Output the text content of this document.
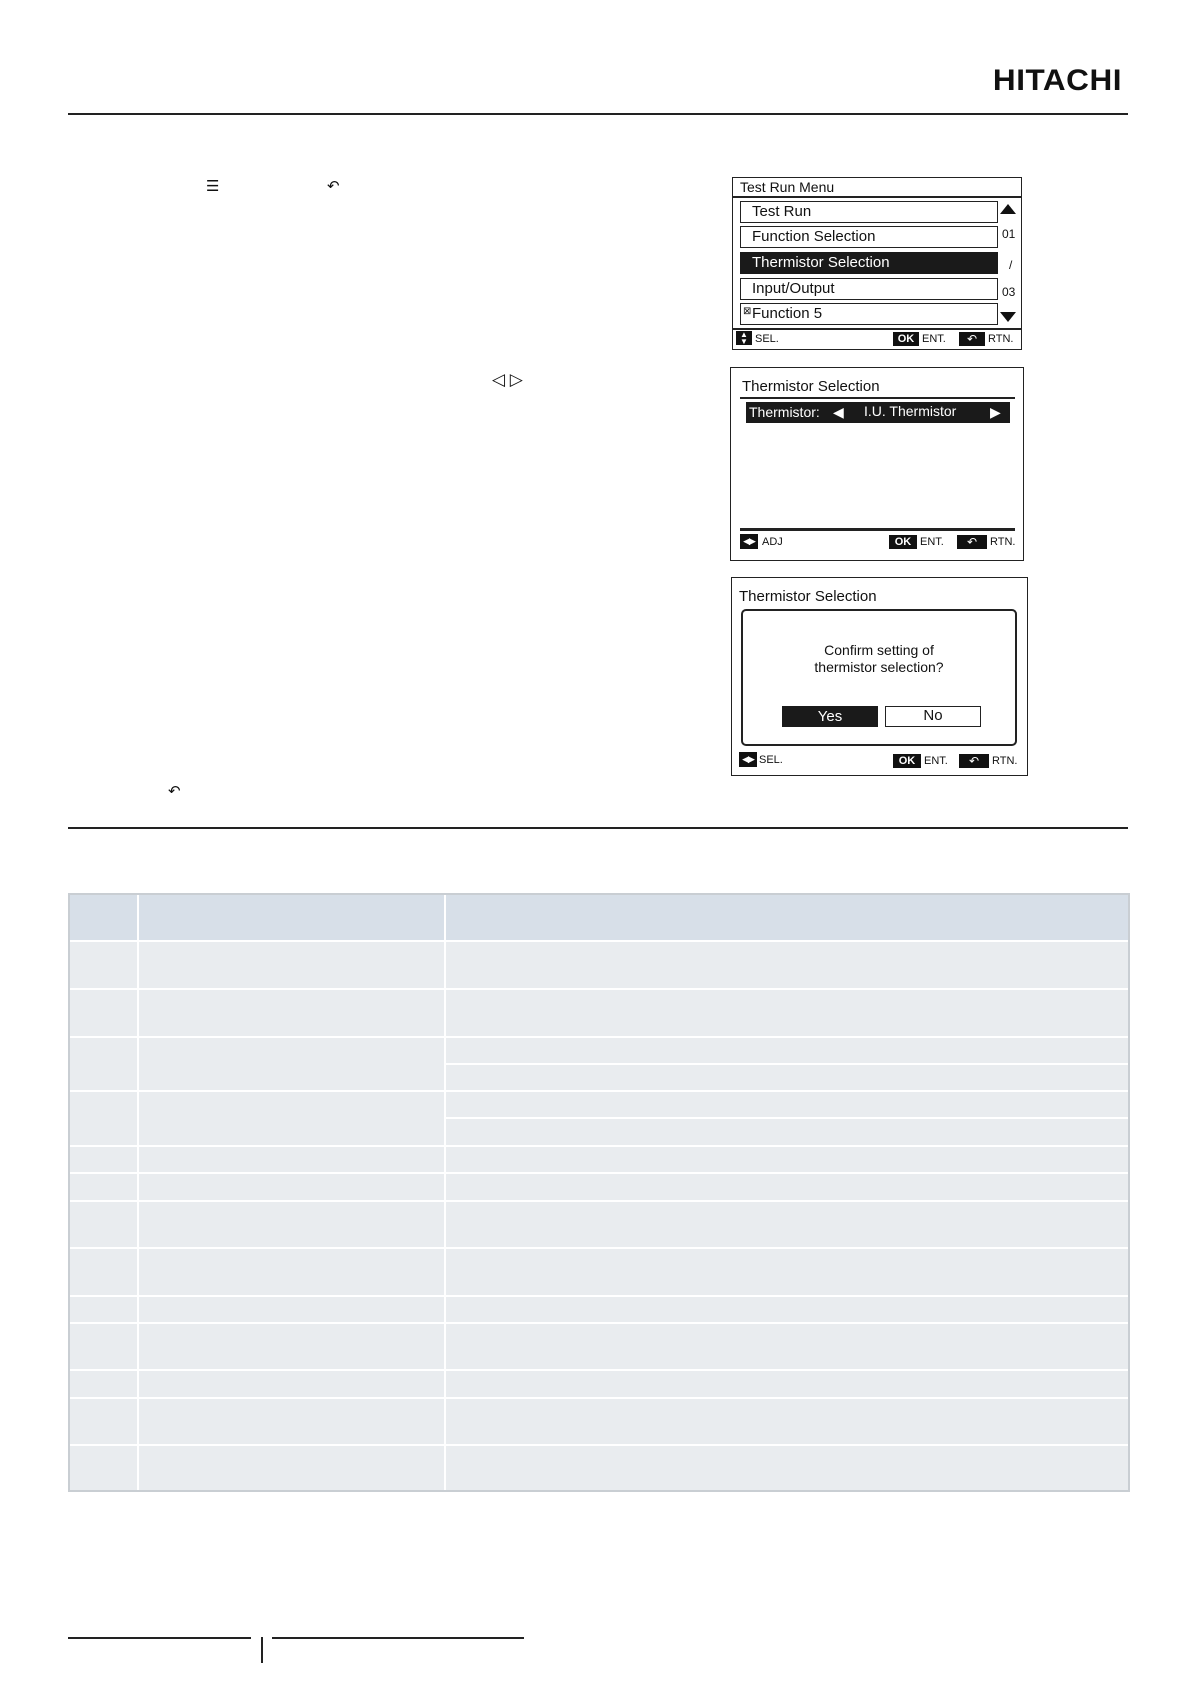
HITACHI
☰	↶
◁ ▷
↶
Test Run Menu
Test Run
Function Selection
Thermistor Selection
Input/Output
⊠ Function 5
01
/
03
▲
▼ SEL.	OK ENT.	↶ RTN.
Thermistor Selection
Thermistor: ◀ I.U. Thermistor ▶
◀▶ ADJ	OK ENT.	↶	RTN.
Thermistor Selection
Confirm setting of
thermistor selection?
Yes	No
◀▶ SEL.	OK ENT.	↶	RTN.
